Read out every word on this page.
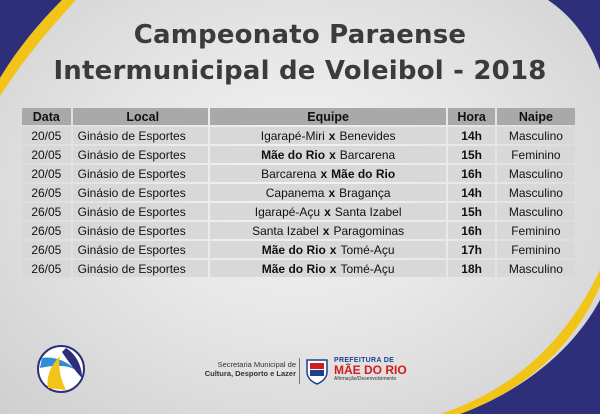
Campeonato Paraense
Intermunicipal de Voleibol - 2018
Data	Local	Equipe	Hora	Naipe
20/05	Ginásio de Esportes	Igarapé-Miri x Benevides	14h	Masculino
20/05	Ginásio de Esportes	Mãe do Rio x Barcarena	15h	Feminino
20/05	Ginásio de Esportes	Barcarena x Mãe do Rio	16h	Masculino
26/05	Ginásio de Esportes	Capanema x Bragança	14h	Masculino
26/05	Ginásio de Esportes	Igarapé-Açu x Santa Izabel	15h	Masculino
26/05	Ginásio de Esportes	Santa Izabel x Paragominas	16h	Feminino
26/05	Ginásio de Esportes	Mãe do Rio x Tomé-Açu	17h	Feminino
26/05	Ginásio de Esportes	Mãe do Rio x Tomé-Açu	18h	Masculino
Secretaria Municipal de
Cultura, Desporto e Lazer
PREFEITURA DE
MÃE DO RIO
Afirmação/Desenvolvimento
